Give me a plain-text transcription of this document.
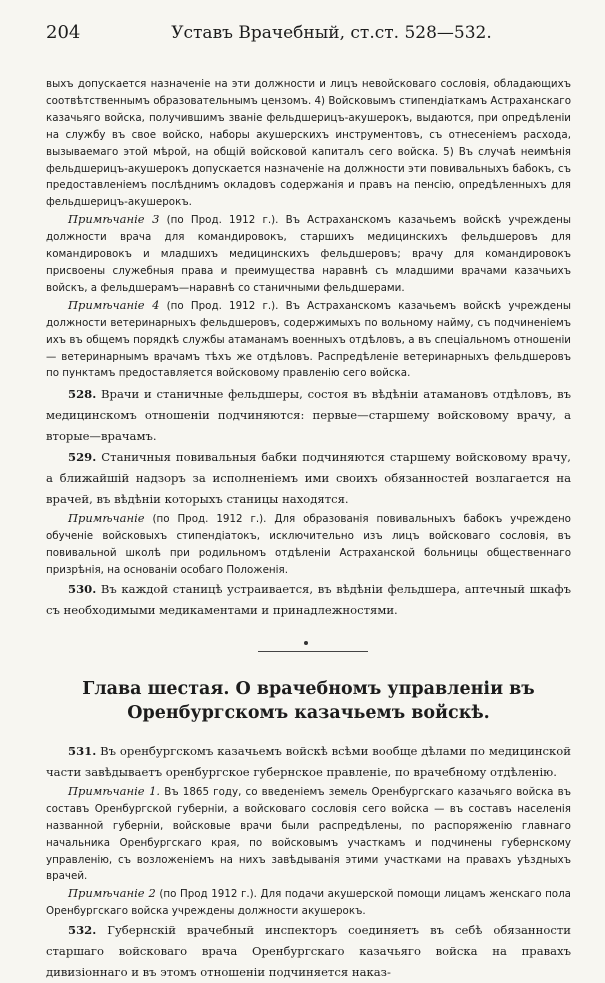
204	Уставъ Врачебный, ст.ст. 528—532.

выхъ допускается назначенiе на эти должности и лицъ невойсковаго сословiя, обладающихъ соотвѣтственнымъ образовательнымъ цензомъ. 4) Войсковымъ стипендiаткамъ Астраханскаго казачьяго войска, получившимъ званiе фельдшерицъ-акушерокъ, выдаются, при опредѣленiи на службу въ свое войско, наборы акушерскихъ инструментовъ, съ отнесенiемъ расхода, вызываемаго этой мѣрой, на общiй войсковой капиталъ сего войска. 5) Въ случаѣ неимѣнiя фельдшерицъ-акушерокъ допускается назначенiе на должности эти повивальныхъ бабокъ, съ предоставленiемъ послѣднимъ окладовъ содержанiя и правъ на пенсiю, опредѣленныхъ для фельдшерицъ-акушерокъ.

Примѣчанiе 3 (по Прод. 1912 г.). Въ Астраханскомъ казачьемъ войскѣ учреждены должности врача для командировокъ, старшихъ медицинскихъ фельдшеровъ для командировокъ и младшихъ медицинскихъ фельдшеровъ; врачу для командировокъ присвоены служебныя права и преимущества наравнѣ съ младшими врачами казачьихъ войскъ, а фельдшерамъ—наравнѣ со станичными фельдшерами.

Примѣчанiе 4 (по Прод. 1912 г.). Въ Астраханскомъ казачьемъ войскѣ учреждены должности ветеринарныхъ фельдшеровъ, содержимыхъ по вольному найму, съ подчиненiемъ ихъ въ общемъ порядкѣ службы атаманамъ военныхъ отдѣловъ, а въ спецiальномъ отношенiи — ветеринарнымъ врачамъ тѣхъ же отдѣловъ. Распредѣленiе ветеринарныхъ фельдшеровъ по пунктамъ предоставляется войсковому правленiю сего войска.

528. Врачи и станичные фельдшеры, состоя въ вѣдѣнiи атамановъ отдѣловъ, въ медицинскомъ отношенiи подчиняются: первые—старшему войсковому врачу, а вторые—врачамъ.

529. Станичныя повивальныя бабки подчиняются старшему войсковому врачу, а ближайшiй надзоръ за исполненiемъ ими своихъ обязанностей возлагается на врачей, въ вѣдѣнiи которыхъ станицы находятся.

Примѣчанiе (по Прод. 1912 г.). Для образованiя повивальныхъ бабокъ учреждено обученiе войсковыхъ стипендiатокъ, исключительно изъ лицъ войсковаго сословiя, въ повивальной школѣ при родильномъ отдѣленiи Астраханской больницы общественнаго призрѣнiя, на основанiи особаго Положенiя.

530. Въ каждой станицѣ устраивается, въ вѣдѣнiи фельдшера, аптечный шкафъ съ необходимыми медикаментами и принадлежностями.

Глава шестая. О врачебномъ управленiи въ Оренбургскомъ казачьемъ войскѣ.

531. Въ оренбургскомъ казачьемъ войскѣ всѣми вообще дѣлами по медицинской части завѣдываетъ оренбургское губернское правленiе, по врачебному отдѣленiю.

Примѣчанiе 1. Въ 1865 году, со введенiемъ земель Оренбургскаго казачьяго войска въ составъ Оренбургской губернiи, а войсковаго сословiя сего войска — въ составъ населенiя названной губернiи, войсковые врачи были распредѣлены, по распоряженiю главнаго начальника Оренбургскаго края, по войсковымъ участкамъ и подчинены губернскому управленiю, съ возложенiемъ на нихъ завѣдыванiя этими участками на правахъ уѣздныхъ врачей.

Примѣчанiе 2 (по Прод 1912 г.). Для подачи акушерской помощи лицамъ женскаго пола Оренбургскаго войска учреждены должности акушерокъ.

532. Губернскiй врачебный инспекторъ соединяетъ въ себѣ обязанности старшаго войсковаго врача Оренбургскаго казачьяго войска на правахъ дивизiоннаго и въ этомъ отношенiи подчиняется наказ-
